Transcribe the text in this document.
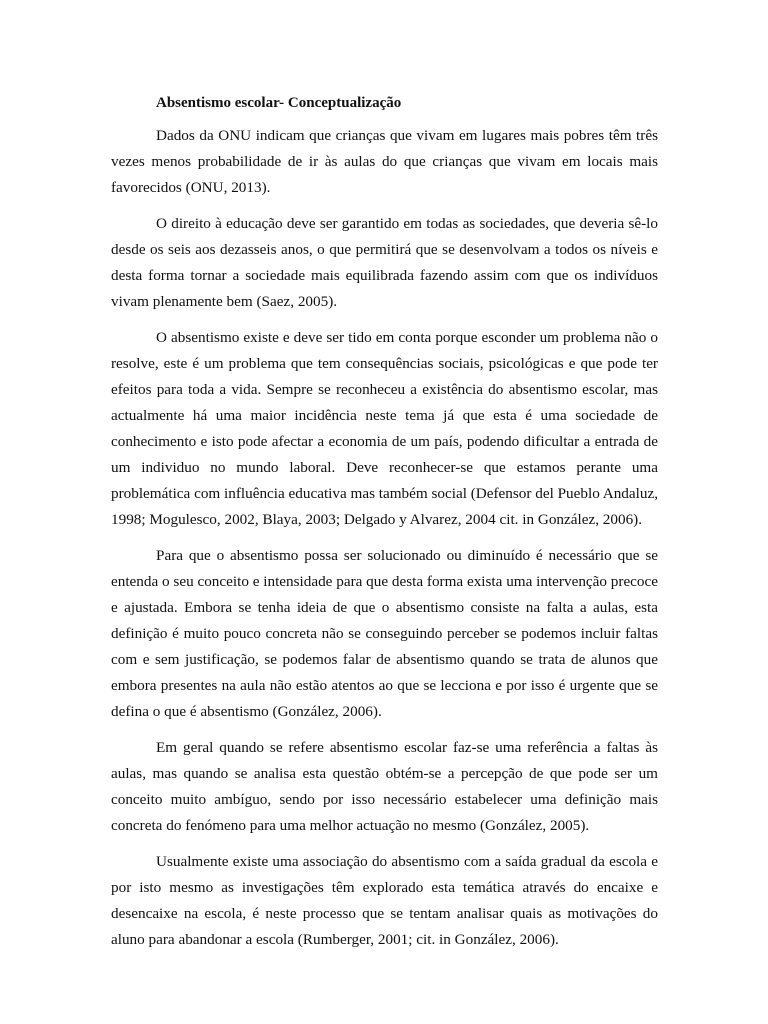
Absentismo escolar- Conceptualização

Dados da ONU indicam que crianças que vivam em lugares mais pobres têm três vezes menos probabilidade de ir às aulas do que crianças que vivam em locais mais favorecidos (ONU, 2013).

O direito à educação deve ser garantido em todas as sociedades, que deveria sê-lo desde os seis aos dezasseis anos, o que permitirá que se desenvolvam a todos os níveis e desta forma tornar a sociedade mais equilibrada fazendo assim com que os indivíduos vivam plenamente bem (Saez, 2005).

O absentismo existe e deve ser tido em conta porque esconder um problema não o resolve, este é um problema que tem consequências sociais, psicológicas e que pode ter efeitos para toda a vida. Sempre se reconheceu a existência do absentismo escolar, mas actualmente há uma maior incidência neste tema já que esta é uma sociedade de conhecimento e isto pode afectar a economia de um país, podendo dificultar a entrada de um individuo no mundo laboral. Deve reconhecer-se que estamos perante uma problemática com influência educativa mas também social (Defensor del Pueblo Andaluz, 1998; Mogulesco, 2002, Blaya, 2003; Delgado y Alvarez, 2004 cit. in González, 2006).

Para que o absentismo possa ser solucionado ou diminuído é necessário que se entenda o seu conceito e intensidade para que desta forma exista uma intervenção precoce e ajustada. Embora se tenha ideia de que o absentismo consiste na falta a aulas, esta definição é muito pouco concreta não se conseguindo perceber se podemos incluir faltas com e sem justificação, se podemos falar de absentismo quando se trata de alunos que embora presentes na aula não estão atentos ao que se lecciona e por isso é urgente que se defina o que é absentismo (González, 2006).

Em geral quando se refere absentismo escolar faz-se uma referência a faltas às aulas, mas quando se analisa esta questão obtém-se a percepção de que pode ser um conceito muito ambíguo, sendo por isso necessário estabelecer uma definição mais concreta do fenómeno para uma melhor actuação no mesmo (González, 2005).

Usualmente existe uma associação do absentismo com a saída gradual da escola e por isto mesmo as investigações têm explorado esta temática através do encaixe e desencaixe na escola, é neste processo que se tentam analisar quais as motivações do aluno para abandonar a escola (Rumberger, 2001; cit. in González, 2006).
